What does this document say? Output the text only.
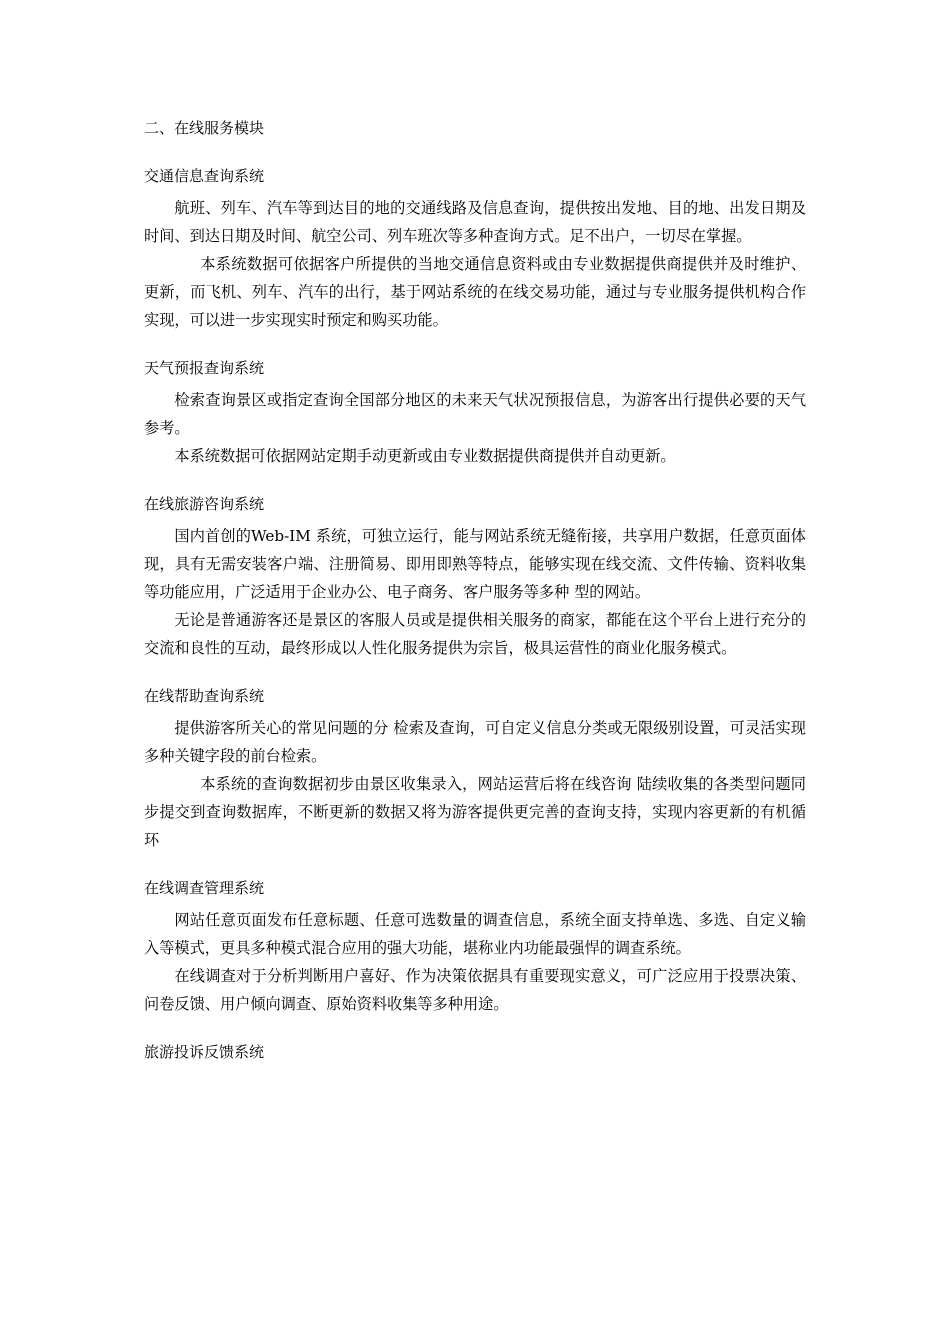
二、在线服务模块

交通信息查询系统

航班、列车、汽车等到达目的地的交通线路及信息查询，提供按出发地、目的地、出发日期及时间、到达日期及时间、航空公司、列车班次等多种查询方式。足不出户，一切尽在掌握。

本系统数据可依据客户所提供的当地交通信息资料或由专业数据提供商提供并及时维护、更新，而飞机、列车、汽车的出行，基于网站系统的在线交易功能，通过与专业服务提供机构合作实现，可以进一步实现实时预定和购买功能。

天气预报查询系统

检索查询景区或指定查询全国部分地区的未来天气状况预报信息，为游客出行提供必要的天气参考。

本系统数据可依据网站定期手动更新或由专业数据提供商提供并自动更新。

在线旅游咨询系统

国内首创的Web-IM 系统，可独立运行，能与网站系统无缝衔接，共享用户数据，任意页面体现，具有无需安装客户端、注册简易、即用即熟等特点，能够实现在线交流、文件传输、资料收集等功能应用，广泛适用于企业办公、电子商务、客户服务等多种 型的网站。

无论是普通游客还是景区的客服人员或是提供相关服务的商家，都能在这个平台上进行充分的交流和良性的互动，最终形成以人性化服务提供为宗旨，极具运营性的商业化服务模式。

在线帮助查询系统

提供游客所关心的常见问题的分 检索及查询，可自定义信息分类或无限级别设置，可灵活实现多种关键字段的前台检索。

本系统的查询数据初步由景区收集录入，网站运营后将在线咨询 陆续收集的各类型问题同步提交到查询数据库，不断更新的数据又将为游客提供更完善的查询支持，实现内容更新的有机循环

在线调查管理系统

网站任意页面发布任意标题、任意可选数量的调查信息，系统全面支持单选、多选、自定义输入等模式，更具多种模式混合应用的强大功能，堪称业内功能最强悍的调查系统。

在线调查对于分析判断用户喜好、作为决策依据具有重要现实意义，可广泛应用于投票决策、问卷反馈、用户倾向调查、原始资料收集等多种用途。

旅游投诉反馈系统
